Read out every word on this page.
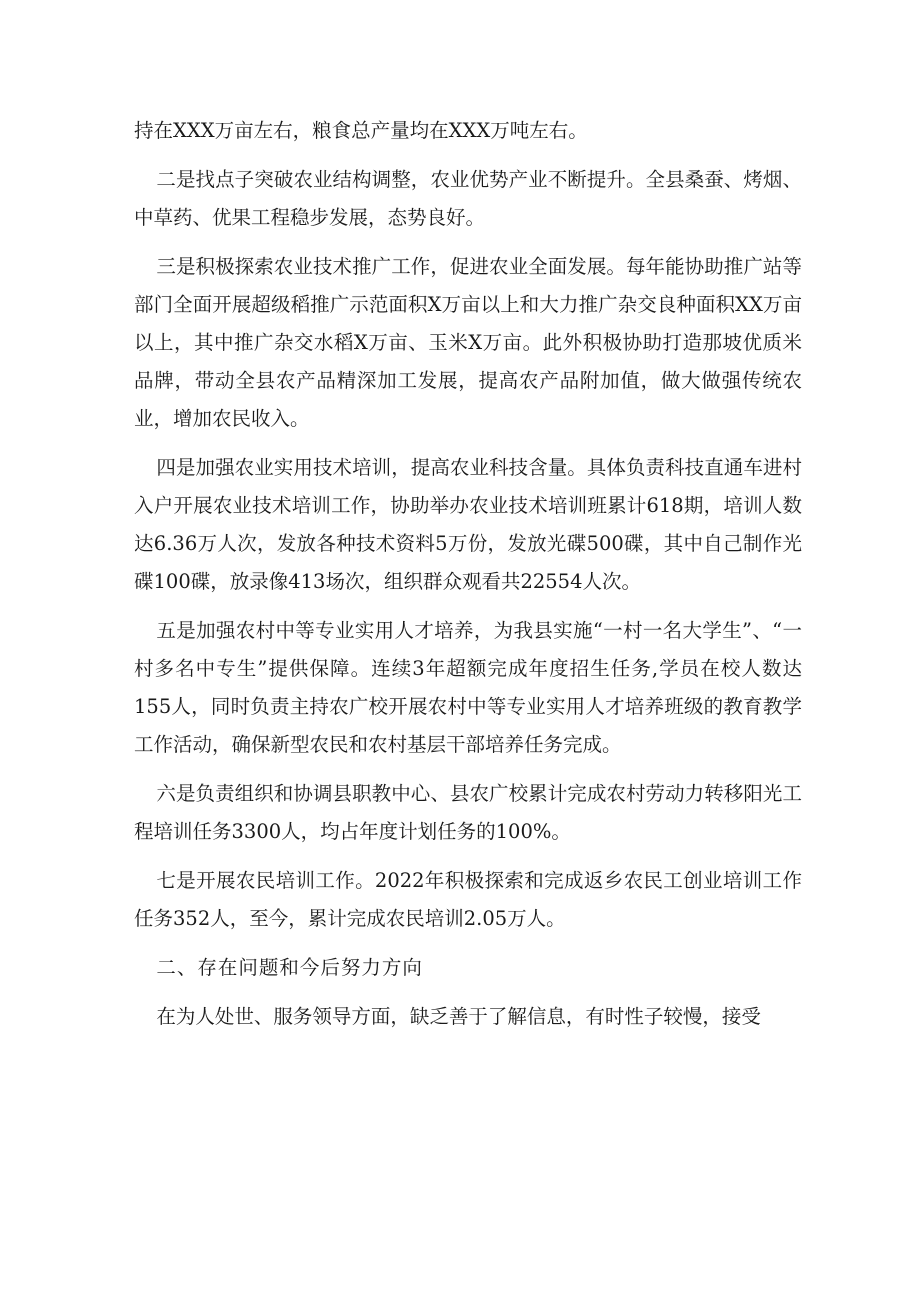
持在XXX万亩左右，粮食总产量均在XXX万吨左右。

二是找点子突破农业结构调整，农业优势产业不断提升。全县桑蚕、烤烟、中草药、优果工程稳步发展，态势良好。

三是积极探索农业技术推广工作，促进农业全面发展。每年能协助推广站等部门全面开展超级稻推广示范面积X万亩以上和大力推广杂交良种面积XX万亩以上，其中推广杂交水稻X万亩、玉米X万亩。此外积极协助打造那坡优质米品牌，带动全县农产品精深加工发展，提高农产品附加值，做大做强传统农业，增加农民收入。

四是加强农业实用技术培训，提高农业科技含量。具体负责科技直通车进村入户开展农业技术培训工作，协助举办农业技术培训班累计618期，培训人数达6.36万人次，发放各种技术资料5万份，发放光碟500碟，其中自己制作光碟100碟，放录像413场次，组织群众观看共22554人次。

五是加强农村中等专业实用人才培养，为我县实施“一村一名大学生”、“一村多名中专生”提供保障。连续3年超额完成年度招生任务,学员在校人数达155人，同时负责主持农广校开展农村中等专业实用人才培养班级的教育教学工作活动，确保新型农民和农村基层干部培养任务完成。

六是负责组织和协调县职教中心、县农广校累计完成农村劳动力转移阳光工程培训任务3300人，均占年度计划任务的100%。

七是开展农民培训工作。2022年积极探索和完成返乡农民工创业培训工作任务352人，至今，累计完成农民培训2.05万人。

二、存在问题和今后努力方向

在为人处世、服务领导方面，缺乏善于了解信息，有时性子较慢，接受
